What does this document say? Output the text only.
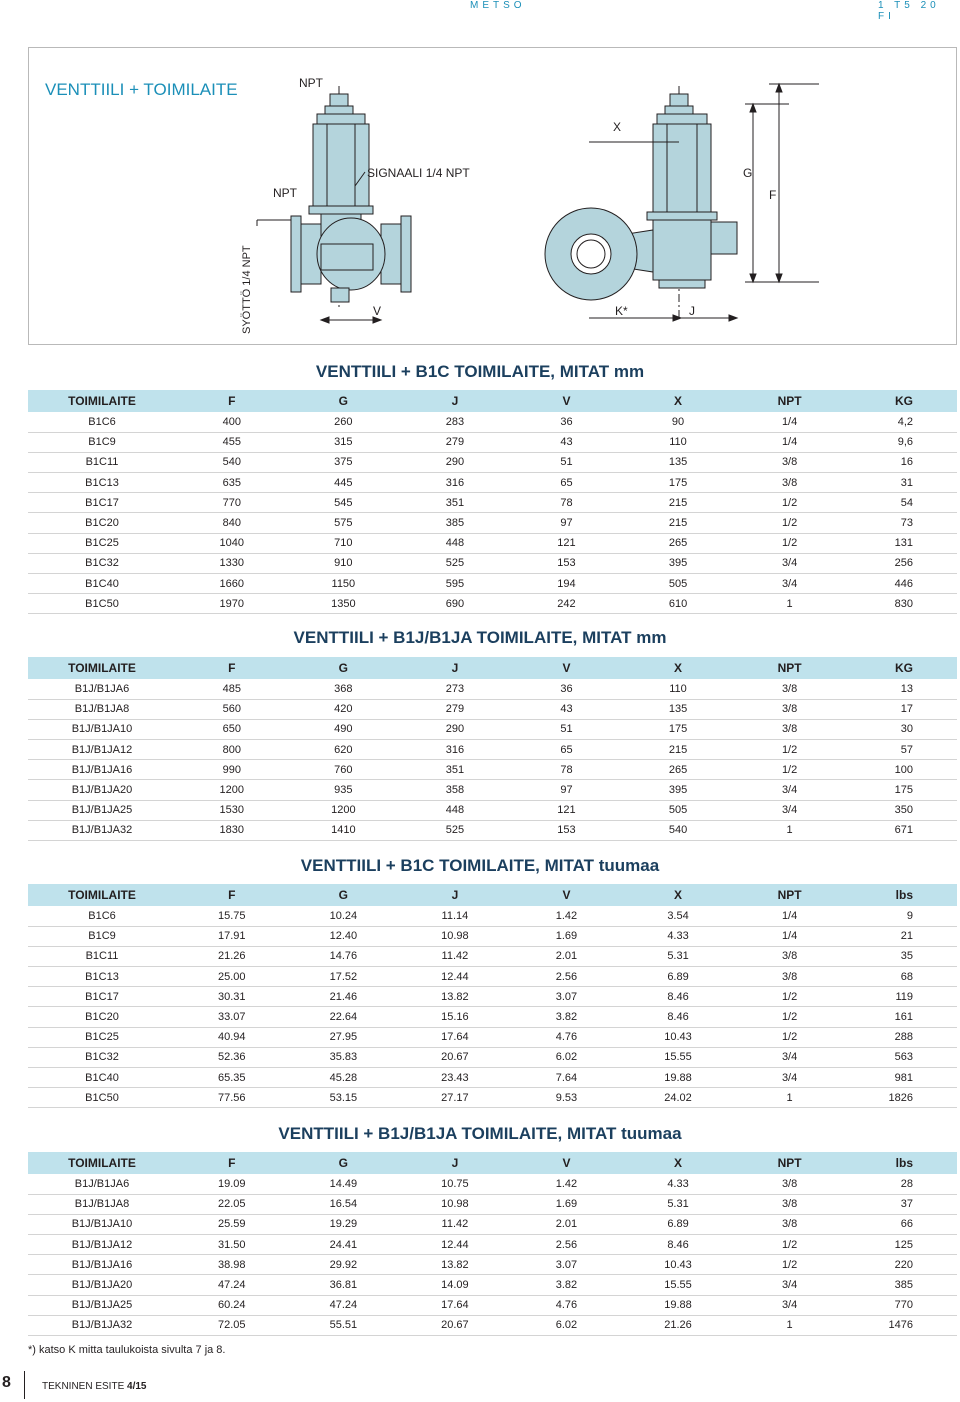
METSO	1 T5 20 FI
VENTTIILI + TOIMILAITE	NPT
NPT
SIGNAALI 1/4 NPT
SYÖTTÖ 1/4 NPT	V
X
G
F
K*	J
VENTTIILI + B1C TOIMILAITE, MITAT mm
TOIMILAITE	F	G	J	V	X	NPT	KG
B1C6	400	260	283	36	90	1/4	4,2
B1C9	455	315	279	43	110	1/4	9,6
B1C11	540	375	290	51	135	3/8	16
B1C13	635	445	316	65	175	3/8	31
B1C17	770	545	351	78	215	1/2	54
B1C20	840	575	385	97	215	1/2	73
B1C25	1040	710	448	121	265	1/2	131
B1C32	1330	910	525	153	395	3/4	256
B1C40	1660	1150	595	194	505	3/4	446
B1C50	1970	1350	690	242	610	1	830
VENTTIILI + B1J/B1JA TOIMILAITE, MITAT mm
TOIMILAITE	F	G	J	V	X	NPT	KG
B1J/B1JA6	485	368	273	36	110	3/8	13
B1J/B1JA8	560	420	279	43	135	3/8	17
B1J/B1JA10	650	490	290	51	175	3/8	30
B1J/B1JA12	800	620	316	65	215	1/2	57
B1J/B1JA16	990	760	351	78	265	1/2	100
B1J/B1JA20	1200	935	358	97	395	3/4	175
B1J/B1JA25	1530	1200	448	121	505	3/4	350
B1J/B1JA32	1830	1410	525	153	540	1	671
VENTTIILI + B1C TOIMILAITE, MITAT tuumaa
TOIMILAITE	F	G	J	V	X	NPT	lbs
B1C6	15.75	10.24	11.14	1.42	3.54	1/4	9
B1C9	17.91	12.40	10.98	1.69	4.33	1/4	21
B1C11	21.26	14.76	11.42	2.01	5.31	3/8	35
B1C13	25.00	17.52	12.44	2.56	6.89	3/8	68
B1C17	30.31	21.46	13.82	3.07	8.46	1/2	119
B1C20	33.07	22.64	15.16	3.82	8.46	1/2	161
B1C25	40.94	27.95	17.64	4.76	10.43	1/2	288
B1C32	52.36	35.83	20.67	6.02	15.55	3/4	563
B1C40	65.35	45.28	23.43	7.64	19.88	3/4	981
B1C50	77.56	53.15	27.17	9.53	24.02	1	1826
VENTTIILI + B1J/B1JA TOIMILAITE, MITAT tuumaa
TOIMILAITE	F	G	J	V	X	NPT	lbs
B1J/B1JA6	19.09	14.49	10.75	1.42	4.33	3/8	28
B1J/B1JA8	22.05	16.54	10.98	1.69	5.31	3/8	37
B1J/B1JA10	25.59	19.29	11.42	2.01	6.89	3/8	66
B1J/B1JA12	31.50	24.41	12.44	2.56	8.46	1/2	125
B1J/B1JA16	38.98	29.92	13.82	3.07	10.43	1/2	220
B1J/B1JA20	47.24	36.81	14.09	3.82	15.55	3/4	385
B1J/B1JA25	60.24	47.24	17.64	4.76	19.88	3/4	770
B1J/B1JA32	72.05	55.51	20.67	6.02	21.26	1	1476
*) katso K mitta taulukoista sivulta 7 ja 8.
8	TEKNINEN ESITE 4/15
